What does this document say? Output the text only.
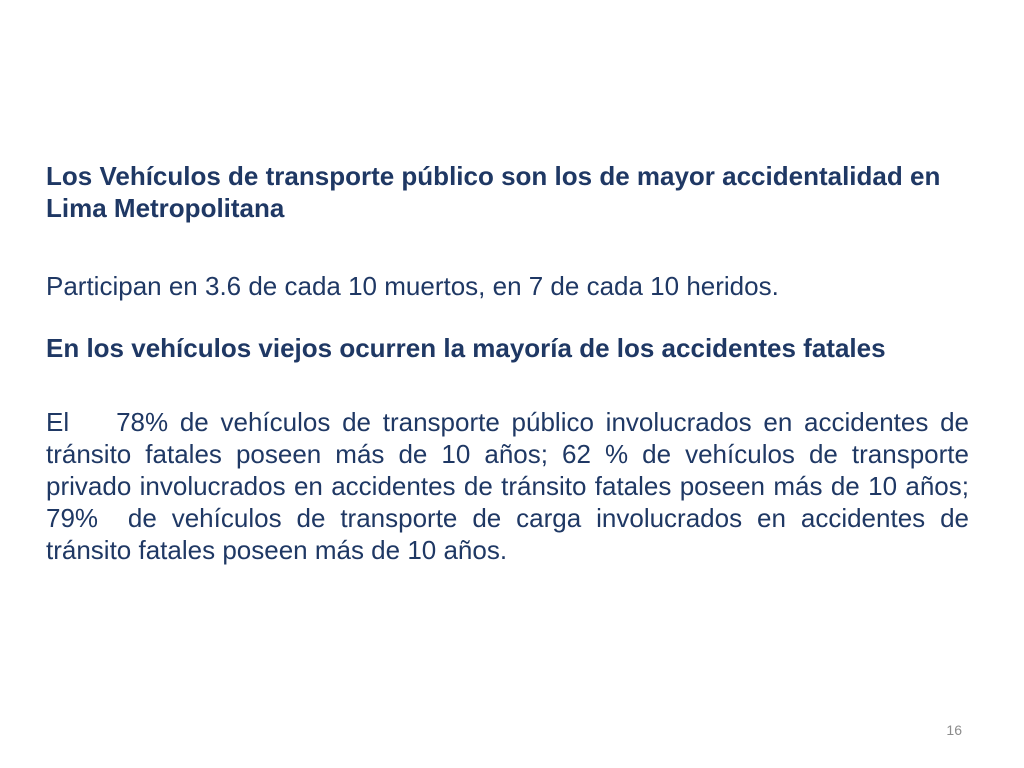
Los Vehículos de transporte público son los de mayor accidentalidad en Lima Metropolitana

Participan en 3.6 de cada 10 muertos, en 7 de cada 10 heridos.

En los vehículos viejos ocurren la mayoría de los accidentes fatales

El    78% de vehículos de transporte público involucrados en accidentes de tránsito fatales poseen más de 10 años; 62 % de vehículos de transporte privado involucrados en accidentes de tránsito fatales poseen más de 10 años; 79%  de vehículos de transporte de carga involucrados en accidentes de tránsito fatales poseen más de 10 años.

16
